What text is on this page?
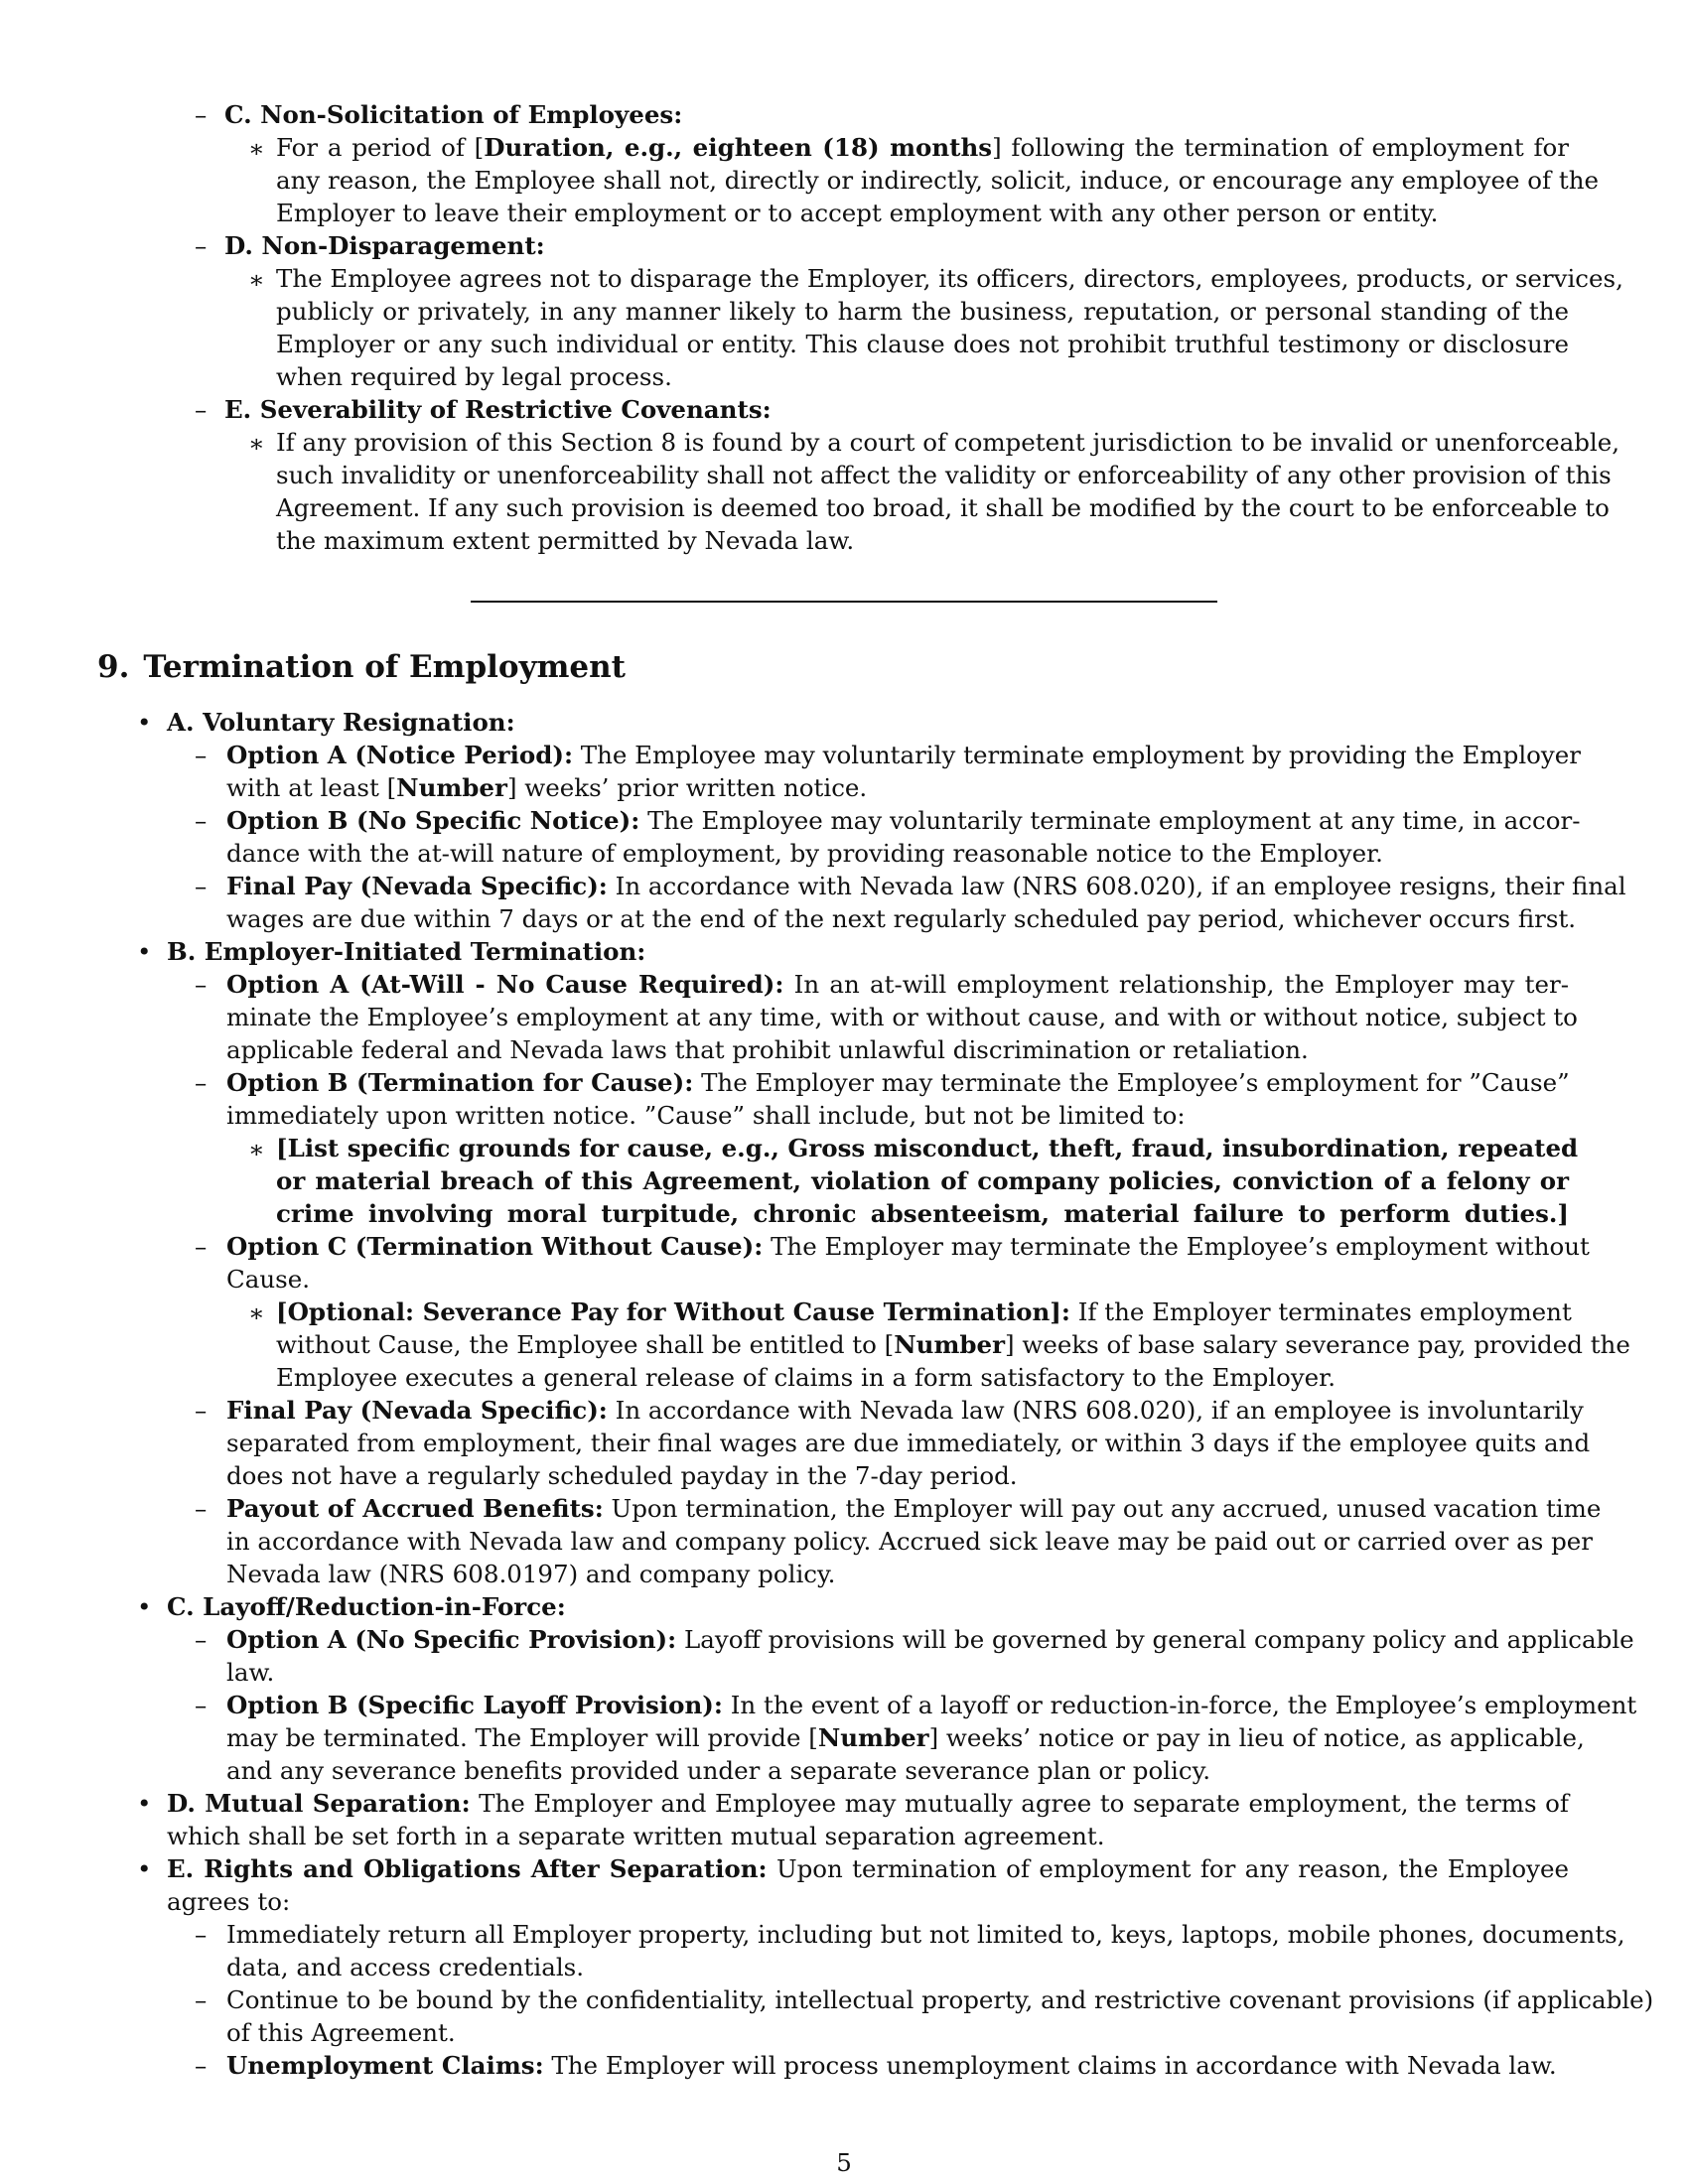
– C. Non-Solicitation of Employees:
∗ For a period of [Duration, e.g., eighteen (18) months] following the termination of employment for
any reason, the Employee shall not, directly or indirectly, solicit, induce, or encourage any employee of the
Employer to leave their employment or to accept employment with any other person or entity.
– D. Non-Disparagement:
∗ The Employee agrees not to disparage the Employer, its officers, directors, employees, products, or services,
publicly or privately, in any manner likely to harm the business, reputation, or personal standing of the
Employer or any such individual or entity. This clause does not prohibit truthful testimony or disclosure
when required by legal process.
– E. Severability of Restrictive Covenants:
∗ If any provision of this Section 8 is found by a court of competent jurisdiction to be invalid or unenforceable,
such invalidity or unenforceability shall not affect the validity or enforceability of any other provision of this
Agreement. If any such provision is deemed too broad, it shall be modified by the court to be enforceable to
the maximum extent permitted by Nevada law.
9. Termination of Employment
• A. Voluntary Resignation:
– Option A (Notice Period): The Employee may voluntarily terminate employment by providing the Employer
with at least [Number] weeks’ prior written notice.
– Option B (No Specific Notice): The Employee may voluntarily terminate employment at any time, in accor-
dance with the at-will nature of employment, by providing reasonable notice to the Employer.
– Final Pay (Nevada Specific): In accordance with Nevada law (NRS 608.020), if an employee resigns, their final
wages are due within 7 days or at the end of the next regularly scheduled pay period, whichever occurs first.
• B. Employer-Initiated Termination:
– Option A (At-Will - No Cause Required): In an at-will employment relationship, the Employer may ter-
minate the Employee’s employment at any time, with or without cause, and with or without notice, subject to
applicable federal and Nevada laws that prohibit unlawful discrimination or retaliation.
– Option B (Termination for Cause): The Employer may terminate the Employee’s employment for ”Cause”
immediately upon written notice. ”Cause” shall include, but not be limited to:
∗ [List specific grounds for cause, e.g., Gross misconduct, theft, fraud, insubordination, repeated
or material breach of this Agreement, violation of company policies, conviction of a felony or
crime involving moral turpitude, chronic absenteeism, material failure to perform duties.]
– Option C (Termination Without Cause): The Employer may terminate the Employee’s employment without
Cause.
∗ [Optional: Severance Pay for Without Cause Termination]: If the Employer terminates employment
without Cause, the Employee shall be entitled to [Number] weeks of base salary severance pay, provided the
Employee executes a general release of claims in a form satisfactory to the Employer.
– Final Pay (Nevada Specific): In accordance with Nevada law (NRS 608.020), if an employee is involuntarily
separated from employment, their final wages are due immediately, or within 3 days if the employee quits and
does not have a regularly scheduled payday in the 7-day period.
– Payout of Accrued Benefits: Upon termination, the Employer will pay out any accrued, unused vacation time
in accordance with Nevada law and company policy. Accrued sick leave may be paid out or carried over as per
Nevada law (NRS 608.0197) and company policy.
• C. Layoff/Reduction-in-Force:
– Option A (No Specific Provision): Layoff provisions will be governed by general company policy and applicable
law.
– Option B (Specific Layoff Provision): In the event of a layoff or reduction-in-force, the Employee’s employment
may be terminated. The Employer will provide [Number] weeks’ notice or pay in lieu of notice, as applicable,
and any severance benefits provided under a separate severance plan or policy.
• D. Mutual Separation: The Employer and Employee may mutually agree to separate employment, the terms of
which shall be set forth in a separate written mutual separation agreement.
• E. Rights and Obligations After Separation: Upon termination of employment for any reason, the Employee
agrees to:
– Immediately return all Employer property, including but not limited to, keys, laptops, mobile phones, documents,
data, and access credentials.
– Continue to be bound by the confidentiality, intellectual property, and restrictive covenant provisions (if applicable)
of this Agreement.
– Unemployment Claims: The Employer will process unemployment claims in accordance with Nevada law.
5
